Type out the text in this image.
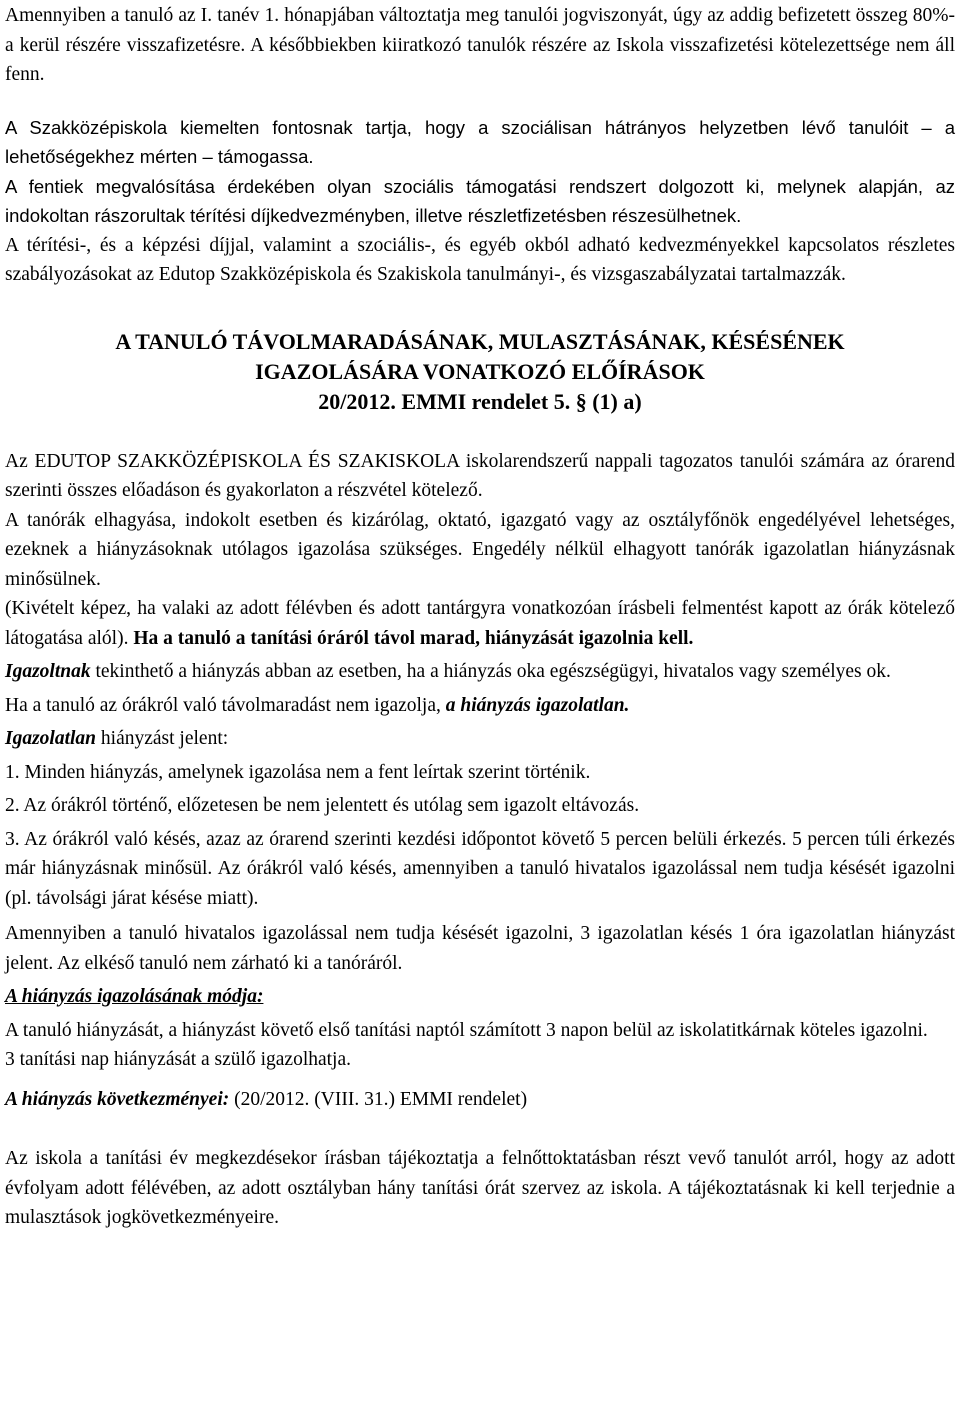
Amennyiben a tanuló az I. tanév 1. hónapjában változtatja meg tanulói jogviszonyát, úgy az addig befizetett összeg 80%-a kerül részére visszafizetésre. A későbbiekben kiiratkozó tanulók részére az Iskola visszafizetési kötelezettsége nem áll fenn.

A Szakközépiskola kiemelten fontosnak tartja, hogy a szociálisan hátrányos helyzetben lévő tanulóit – a lehetőségekhez mérten – támogassa.

A fentiek megvalósítása érdekében olyan szociális támogatási rendszert dolgozott ki, melynek alapján, az indokoltan rászorultak térítési díjkedvezményben, illetve részletfizetésben részesülhetnek.

A térítési-, és a képzési díjjal, valamint a szociális-, és egyéb okból adható kedvezményekkel kapcsolatos részletes szabályozásokat az Edutop Szakközépiskola és Szakiskola tanulmányi-, és vizsgaszabályzatai tartalmazzák.

A TANULÓ TÁVOLMARADÁSÁNAK, MULASZTÁSÁNAK, KÉSÉSÉNEK

IGAZOLÁSÁRA VONATKOZÓ ELŐÍRÁSOK

20/2012. EMMI rendelet 5. § (1) a)

Az EDUTOP SZAKKÖZÉPISKOLA ÉS SZAKISKOLA iskolarendszerű nappali tagozatos tanulói számára az órarend szerinti összes előadáson és gyakorlaton a részvétel kötelező.

A tanórák elhagyása, indokolt esetben és kizárólag, oktató, igazgató vagy az osztályfőnök engedélyével lehetséges, ezeknek a hiányzásoknak utólagos igazolása szükséges. Engedély nélkül elhagyott tanórák igazolatlan hiányzásnak minősülnek.

(Kivételt képez, ha valaki az adott félévben és adott tantárgyra vonatkozóan írásbeli felmentést kapott az órák kötelező látogatása alól). Ha a tanuló a tanítási óráról távol marad, hiányzását igazolnia kell.

Igazoltnak tekinthető a hiányzás abban az esetben, ha a hiányzás oka egészségügyi, hivatalos vagy személyes ok.

Ha a tanuló az órákról való távolmaradást nem igazolja, a hiányzás igazolatlan.

Igazolatlan hiányzást jelent:

1. Minden hiányzás, amelynek igazolása nem a fent leírtak szerint történik.

2. Az órákról történő, előzetesen be nem jelentett és utólag sem igazolt eltávozás.

3. Az órákról való késés, azaz az órarend szerinti kezdési időpontot követő 5 percen belüli érkezés. 5 percen túli érkezés már hiányzásnak minősül. Az órákról való késés, amennyiben a tanuló hivatalos igazolással nem tudja késését igazolni (pl. távolsági járat késése miatt).

Amennyiben a tanuló hivatalos igazolással nem tudja késését igazolni, 3 igazolatlan késés 1 óra igazolatlan hiányzást jelent. Az elkéső tanuló nem zárható ki a tanóráról.

A hiányzás igazolásának módja:

A tanuló hiányzását, a hiányzást követő első tanítási naptól számított 3 napon belül az iskolatitkárnak köteles igazolni.

3 tanítási nap hiányzását a szülő igazolhatja.

A hiányzás következményei: (20/2012. (VIII. 31.) EMMI rendelet)

Az iskola a tanítási év megkezdésekor írásban tájékoztatja a felnőttoktatásban részt vevő tanulót arról, hogy az adott évfolyam adott félévében, az adott osztályban hány tanítási órát szervez az iskola. A tájékoztatásnak ki kell terjednie a mulasztások jogkövetkezményeire.
